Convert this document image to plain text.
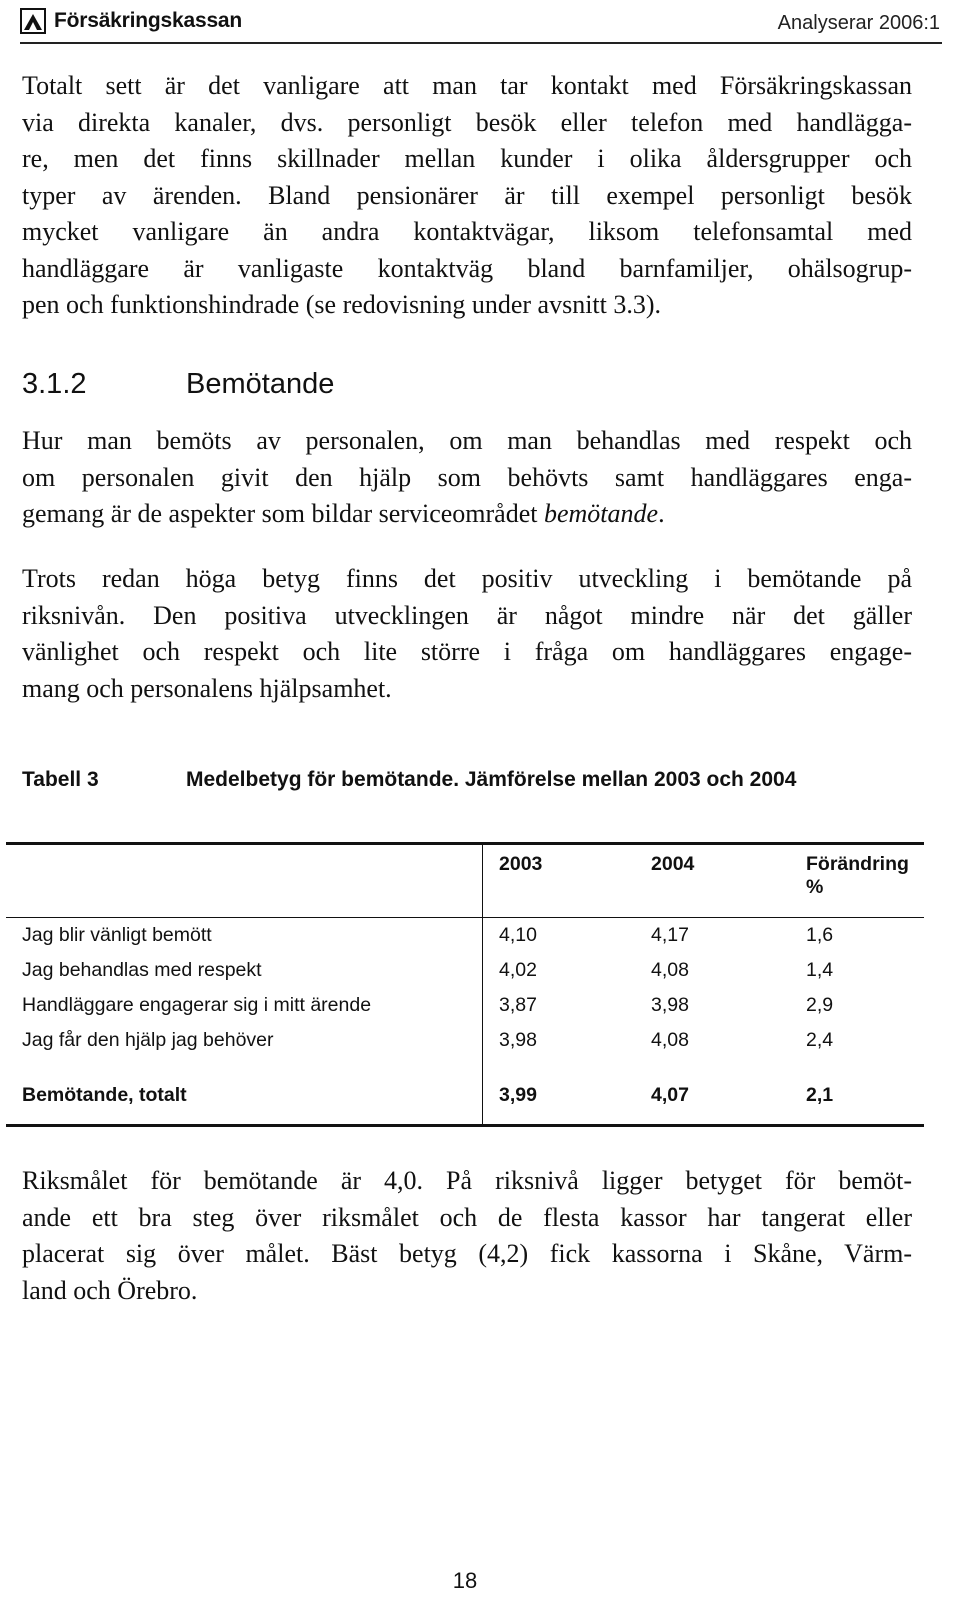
Försäkringskassan	Analyserar 2006:1
Totalt sett är det vanligare att man tar kontakt med Försäkringskassan
via direkta kanaler, dvs. personligt besök eller telefon med handlägga-
re, men det finns skillnader mellan kunder i olika åldersgrupper och
typer av ärenden. Bland pensionärer är till exempel personligt besök
mycket vanligare än andra kontaktvägar, liksom telefonsamtal med
handläggare är vanligaste kontaktväg bland barnfamiljer, ohälsogrup-
pen och funktionshindrade (se redovisning under avsnitt 3.3).
3.1.2	Bemötande
Hur man bemöts av personalen, om man behandlas med respekt och
om personalen givit den hjälp som behövts samt handläggares enga-
gemang är de aspekter som bildar serviceområdet bemötande.
Trots redan höga betyg finns det positiv utveckling i bemötande på
riksnivån. Den positiva utvecklingen är något mindre när det gäller
vänlighet och respekt och lite större i fråga om handläggares engage-
mang och personalens hjälpsamhet.
Tabell 3	Medelbetyg för bemötande. Jämförelse mellan 2003 och 2004
	2003	2004	Förändring %
Jag blir vänligt bemött	4,10	4,17	1,6
Jag behandlas med respekt	4,02	4,08	1,4
Handläggare engagerar sig i mitt ärende	3,87	3,98	2,9
Jag får den hjälp jag behöver	3,98	4,08	2,4
Bemötande, totalt	3,99	4,07	2,1
Riksmålet för bemötande är 4,0. På riksnivå ligger betyget för bemöt-
ande ett bra steg över riksmålet och de flesta kassor har tangerat eller
placerat sig över målet. Bäst betyg (4,2) fick kassorna i Skåne, Värm-
land och Örebro.
18
